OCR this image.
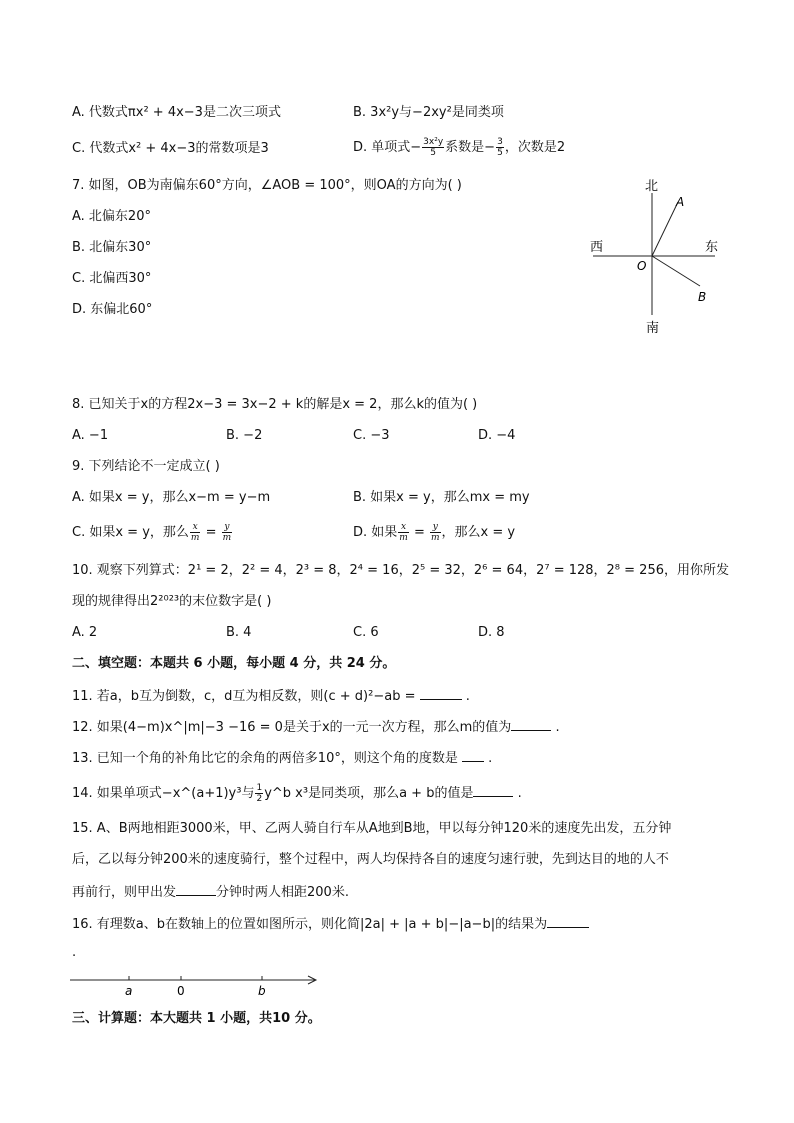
A. 代数式πx² + 4x−3是二次三项式	B. 3x²y与−2xy²是同类项
C. 代数式x² + 4x−3的常数项是3	D. 单项式− $\frac{\text{3x²y}}{5}$ 系数是− $\frac{3}{5}$ ，次数是2
7. 如图，OB为南偏东60°方向，∠AOB = 100°，则OA的方向为( )
A. 北偏东20°
B. 北偏东30°
C. 北偏西30°
D. 东偏北60°
北
南
西	东
O
A
B
8. 已知关于x的方程2x−3 = 3x−2 + k的解是x = 2，那么k的值为( )
A. −1	B. −2	C. −3	D. −4
9. 下列结论不一定成立( )
A. 如果x = y，那么x−m = y−m	B. 如果x = y，那么mx = my
C. 如果x = y，那么 $\frac{x}{m} = \frac{y}{m}$	D. 如果 $\frac{x}{m} = \frac{y}{m}$ ，那么x = y
10. 观察下列算式：2¹ = 2，2² = 4，2³ = 8，2⁴ = 16，2⁵ = 32，2⁶ = 64，2⁷ = 128，2⁸ = 256，用你所发
现的规律得出2²⁰²³的末位数字是( )
A. 2	B. 4	C. 6	D. 8
二、填空题：本题共 6 小题，每小题 4 分，共 24 分。
11. 若a，b互为倒数，c，d互为相反数，则(c + d)²−ab =	.
12. 如果(4−m)x^|m|−3 −16 = 0是关于x的一元一次方程，那么m的值为	.
13. 已知一个角的补角比它的余角的两倍多10°，则这个角的度数是 .
14. 如果单项式−x^(a+1)y³与 $\frac{1}{2}$ y^b x³是同类项，那么a + b的值是	.
15. A、B两地相距3000米，甲、乙两人骑自行车从A地到B地，甲以每分钟120米的速度先出发，五分钟
后，乙以每分钟200米的速度骑行，整个过程中，两人均保持各自的速度匀速行驶，先到达目的地的人不
再前行，则甲出发	分钟时两人相距200米.
16. 有理数a、b在数轴上的位置如图所示，则化简|2a| + |a + b|−|a−b|的结果为
.
a	0	b
三、计算题：本大题共 1 小题，共10 分。
